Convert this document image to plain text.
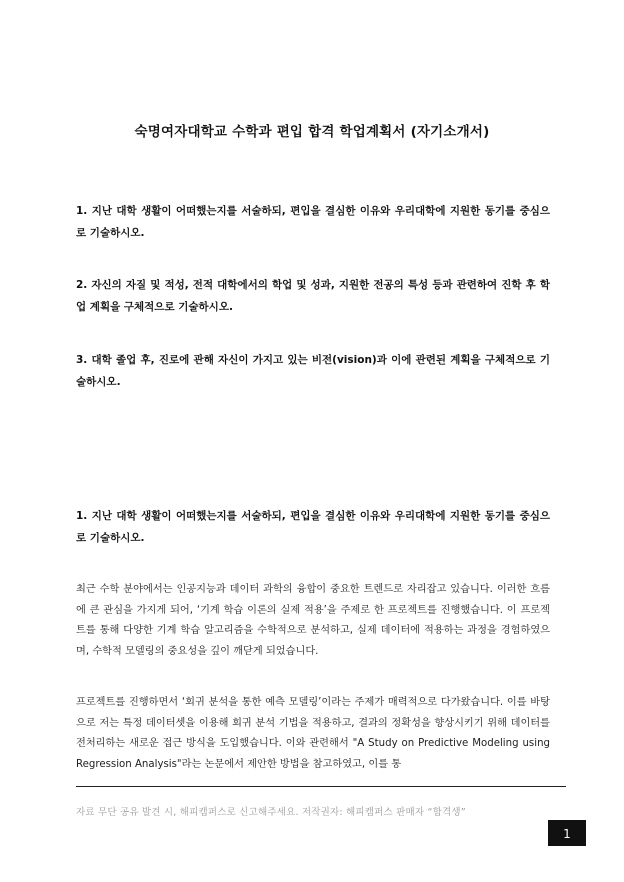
숙명여자대학교 수학과 편입 합격 학업계획서 (자기소개서)

1. 지난 대학 생활이 어떠했는지를 서술하되, 편입을 결심한 이유와 우리대학에 지원한 동기를 중심으로 기술하시오.

2. 자신의 자질 및 적성, 전적 대학에서의 학업 및 성과, 지원한 전공의 특성 등과 관련하여 진학 후 학업 계획을 구체적으로 기술하시오.

3. 대학 졸업 후, 진로에 관해 자신이 가지고 있는 비전(vision)과 이에 관련된 계획을 구체적으로 기술하시오.

1. 지난 대학 생활이 어떠했는지를 서술하되, 편입을 결심한 이유와 우리대학에 지원한 동기를 중심으로 기술하시오.

최근 수학 분야에서는 인공지능과 데이터 과학의 융합이 중요한 트렌드로 자리잡고 있습니다. 이러한 흐름에 큰 관심을 가지게 되어, ‘기계 학습 이론의 실제 적용’을 주제로 한 프로젝트를 진행했습니다. 이 프로젝트를 통해 다양한 기계 학습 알고리즘을 수학적으로 분석하고, 실제 데이터에 적용하는 과정을 경험하였으며, 수학적 모델링의 중요성을 깊이 깨닫게 되었습니다.

프로젝트를 진행하면서 ‘회귀 분석을 통한 예측 모델링’이라는 주제가 매력적으로 다가왔습니다. 이를 바탕으로 저는 특정 데이터셋을 이용해 회귀 분석 기법을 적용하고, 결과의 정확성을 향상시키기 위해 데이터를 전처리하는 새로운 접근 방식을 도입했습니다. 이와 관련해서 "A Study on Predictive Modeling using Regression Analysis"라는 논문에서 제안한 방법을 참고하였고, 이를 통

자료 무단 공유 발견 시, 해피캠퍼스로 신고해주세요. 저작권자: 해피캠퍼스 판매자 “합격생”
1
